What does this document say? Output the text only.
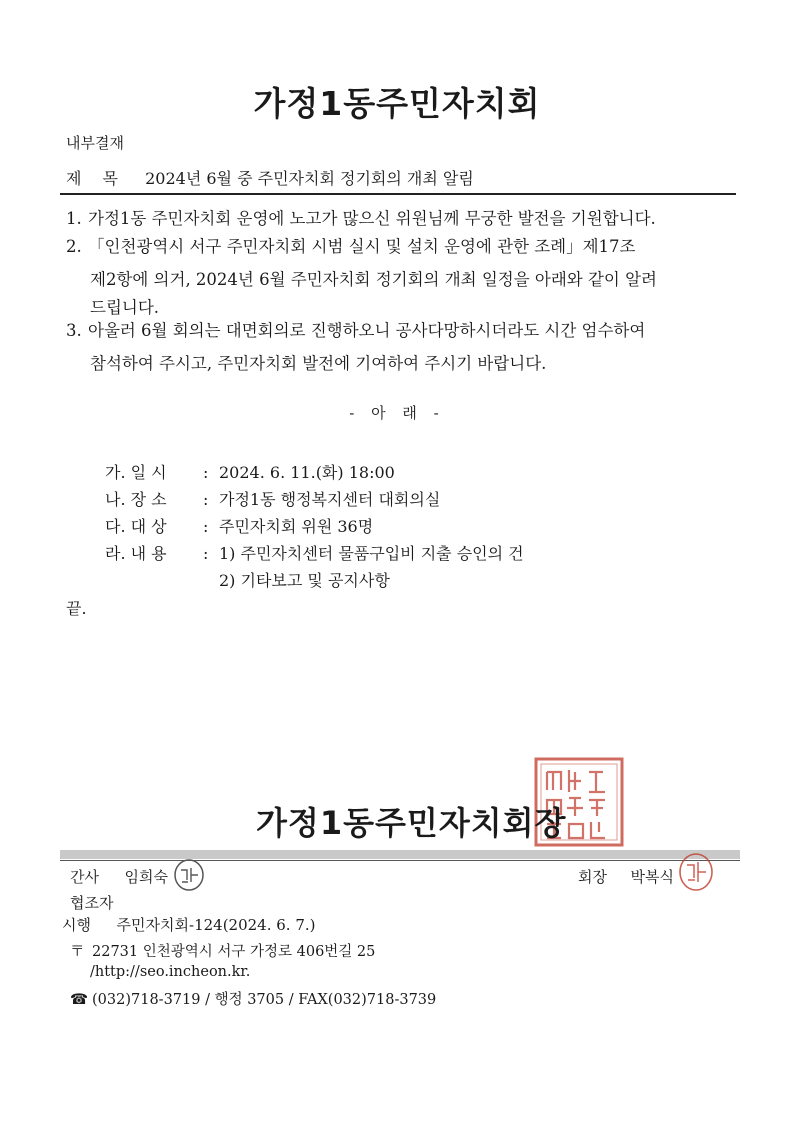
가정1동주민자치회
내부결재
제 목 2024년 6월 중 주민자치회 정기회의 개최 알림
1. 가정1동 주민자치회 운영에 노고가 많으신 위원님께 무궁한 발전을 기원합니다.
2. 「인천광역시 서구 주민자치회 시범 실시 및 설치 운영에 관한 조례」제17조
제2항에 의거, 2024년 6월 주민자치회 정기회의 개최 일정을 아래와 같이 알려
드립니다.
3. 아울러 6월 회의는 대면회의로 진행하오니 공사다망하시더라도 시간 엄수하여
참석하여 주시고, 주민자치회 발전에 기여하여 주시기 바랍니다.
- 아 래 -
가. 일 시 : 2024. 6. 11.(화) 18:00
나. 장 소 : 가정1동 행정복지센터 대회의실
다. 대 상 : 주민자치회 위원 36명
라. 내 용 : 1) 주민자치센터 물품구입비 지출 승인의 건
2) 기타보고 및 공지사항
끝.
가정1동주민자치회장
간사 임희숙	회장 박복식
협조자
시행 주민자치회-124(2024. 6. 7.)
〒 22731 인천광역시 서구 가정로 406번길 25
/http://seo.incheon.kr.
☎ (032)718-3719 / 행정 3705 / FAX(032)718-3739
